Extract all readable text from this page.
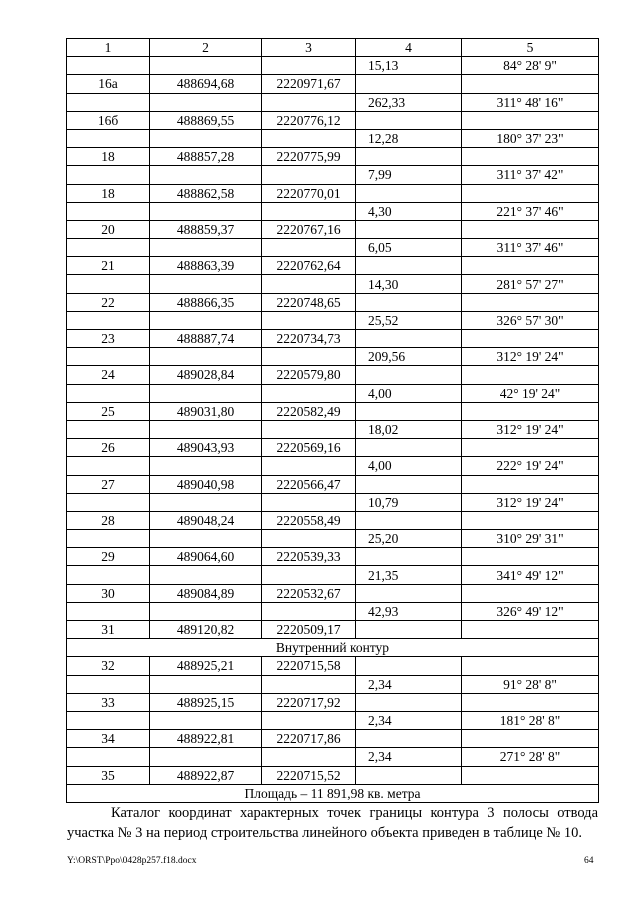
1	2	3	4	5
			15,13	84° 28' 9"
16а	488694,68	2220971,67		
			262,33	311° 48' 16"
16б	488869,55	2220776,12		
			12,28	180° 37' 23"
18	488857,28	2220775,99		
			7,99	311° 37' 42"
18	488862,58	2220770,01		
			4,30	221° 37' 46"
20	488859,37	2220767,16		
			6,05	311° 37' 46"
21	488863,39	2220762,64		
			14,30	281° 57' 27"
22	488866,35	2220748,65		
			25,52	326° 57' 30"
23	488887,74	2220734,73		
			209,56	312° 19' 24"
24	489028,84	2220579,80		
			4,00	42° 19' 24"
25	489031,80	2220582,49		
			18,02	312° 19' 24"
26	489043,93	2220569,16		
			4,00	222° 19' 24"
27	489040,98	2220566,47		
			10,79	312° 19' 24"
28	489048,24	2220558,49		
			25,20	310° 29' 31"
29	489064,60	2220539,33		
			21,35	341° 49' 12"
30	489084,89	2220532,67		
			42,93	326° 49' 12"
31	489120,82	2220509,17		
Внутренний контур				
32	488925,21	2220715,58		
			2,34	91° 28' 8"
33	488925,15	2220717,92		
			2,34	181° 28' 8"
34	488922,81	2220717,86		
			2,34	271° 28' 8"
35	488922,87	2220715,52		
Площадь – 11 891,98 кв. метра				
Каталог координат характерных точек границы контура 3 полосы отвода участка № 3 на период строительства линейного объекта приведен в таблице № 10.
Y:\ORST\Ppo\0428p257.f18.docx	64
